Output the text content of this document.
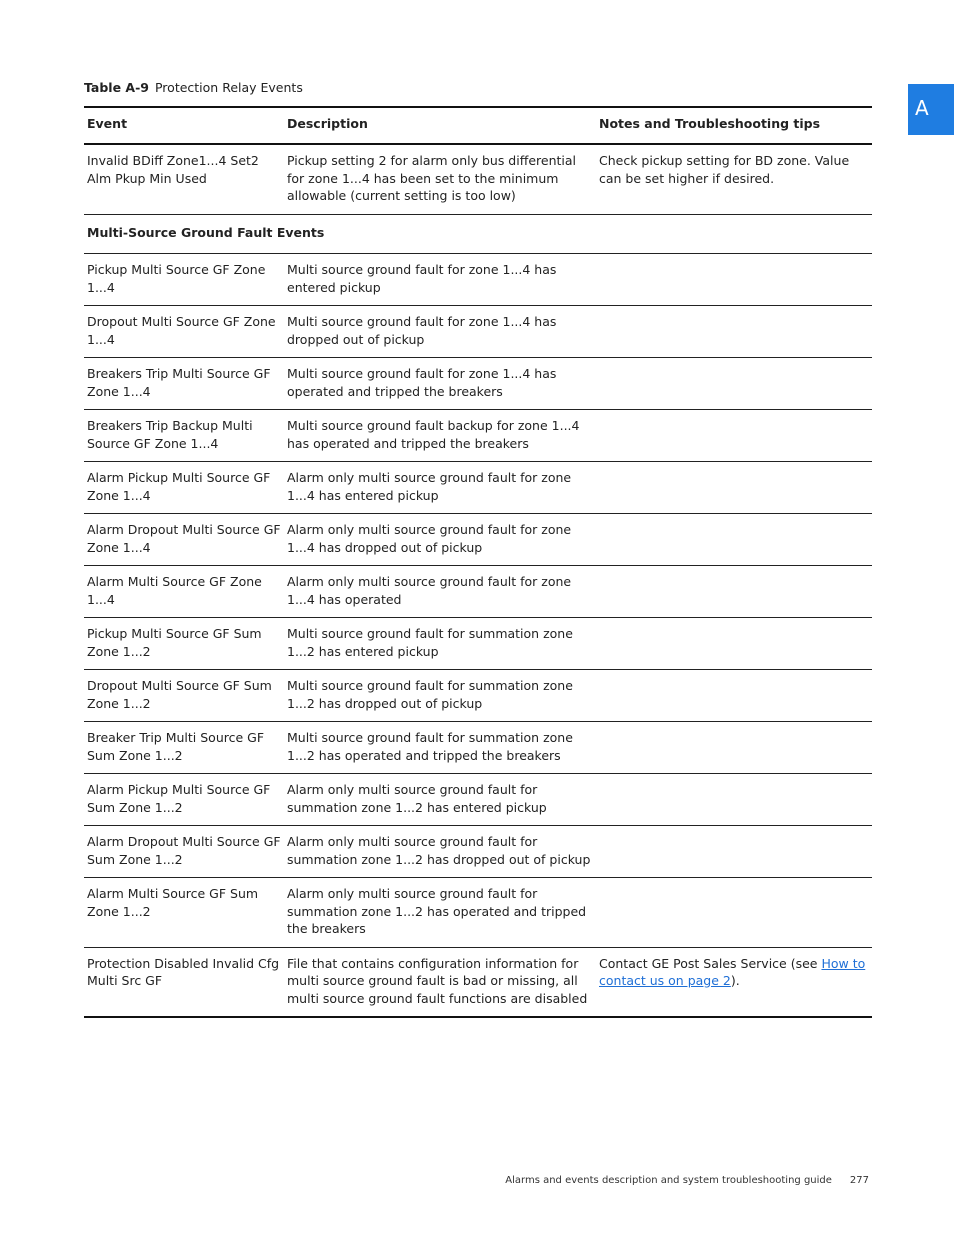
Table A-9 Protection Relay Events
A
Event	Description	Notes and Troubleshooting tips
Invalid BDiff Zone1...4 Set2 Alm Pkup Min Used	Pickup setting 2 for alarm only bus differential for zone 1...4 has been set to the minimum allowable (current setting is too low)	Check pickup setting for BD zone. Value can be set higher if desired.
Multi-Source Ground Fault Events		
Pickup Multi Source GF Zone 1...4	Multi source ground fault for zone 1...4 has entered pickup	
Dropout Multi Source GF Zone 1...4	Multi source ground fault for zone 1...4 has dropped out of pickup	
Breakers Trip Multi Source GF Zone 1...4	Multi source ground fault for zone 1...4 has operated and tripped the breakers	
Breakers Trip Backup Multi Source GF Zone 1...4	Multi source ground fault backup for zone 1...4 has operated and tripped the breakers	
Alarm Pickup Multi Source GF Zone 1...4	Alarm only multi source ground fault for zone 1...4 has entered pickup	
Alarm Dropout Multi Source GF Zone 1...4	Alarm only multi source ground fault for zone 1...4 has dropped out of pickup	
Alarm Multi Source GF Zone 1...4	Alarm only multi source ground fault for zone 1...4 has operated	
Pickup Multi Source GF Sum Zone 1...2	Multi source ground fault for summation zone 1...2 has entered pickup	
Dropout Multi Source GF Sum Zone 1...2	Multi source ground fault for summation zone 1...2 has dropped out of pickup	
Breaker Trip Multi Source GF Sum Zone 1...2	Multi source ground fault for summation zone 1...2 has operated and tripped the breakers	
Alarm Pickup Multi Source GF Sum Zone 1...2	Alarm only multi source ground fault for summation zone 1...2 has entered pickup	
Alarm Dropout Multi Source GF Sum Zone 1...2	Alarm only multi source ground fault for summation zone 1...2 has dropped out of pickup	
Alarm Multi Source GF Sum Zone 1...2	Alarm only multi source ground fault for summation zone 1...2 has operated and tripped the breakers	
Protection Disabled Invalid Cfg Multi Src GF	File that contains configuration information for multi source ground fault is bad or missing, all multi source ground fault functions are disabled	Contact GE Post Sales Service (see How to contact us on page 2).
Alarms and events description and system troubleshooting guide 277
